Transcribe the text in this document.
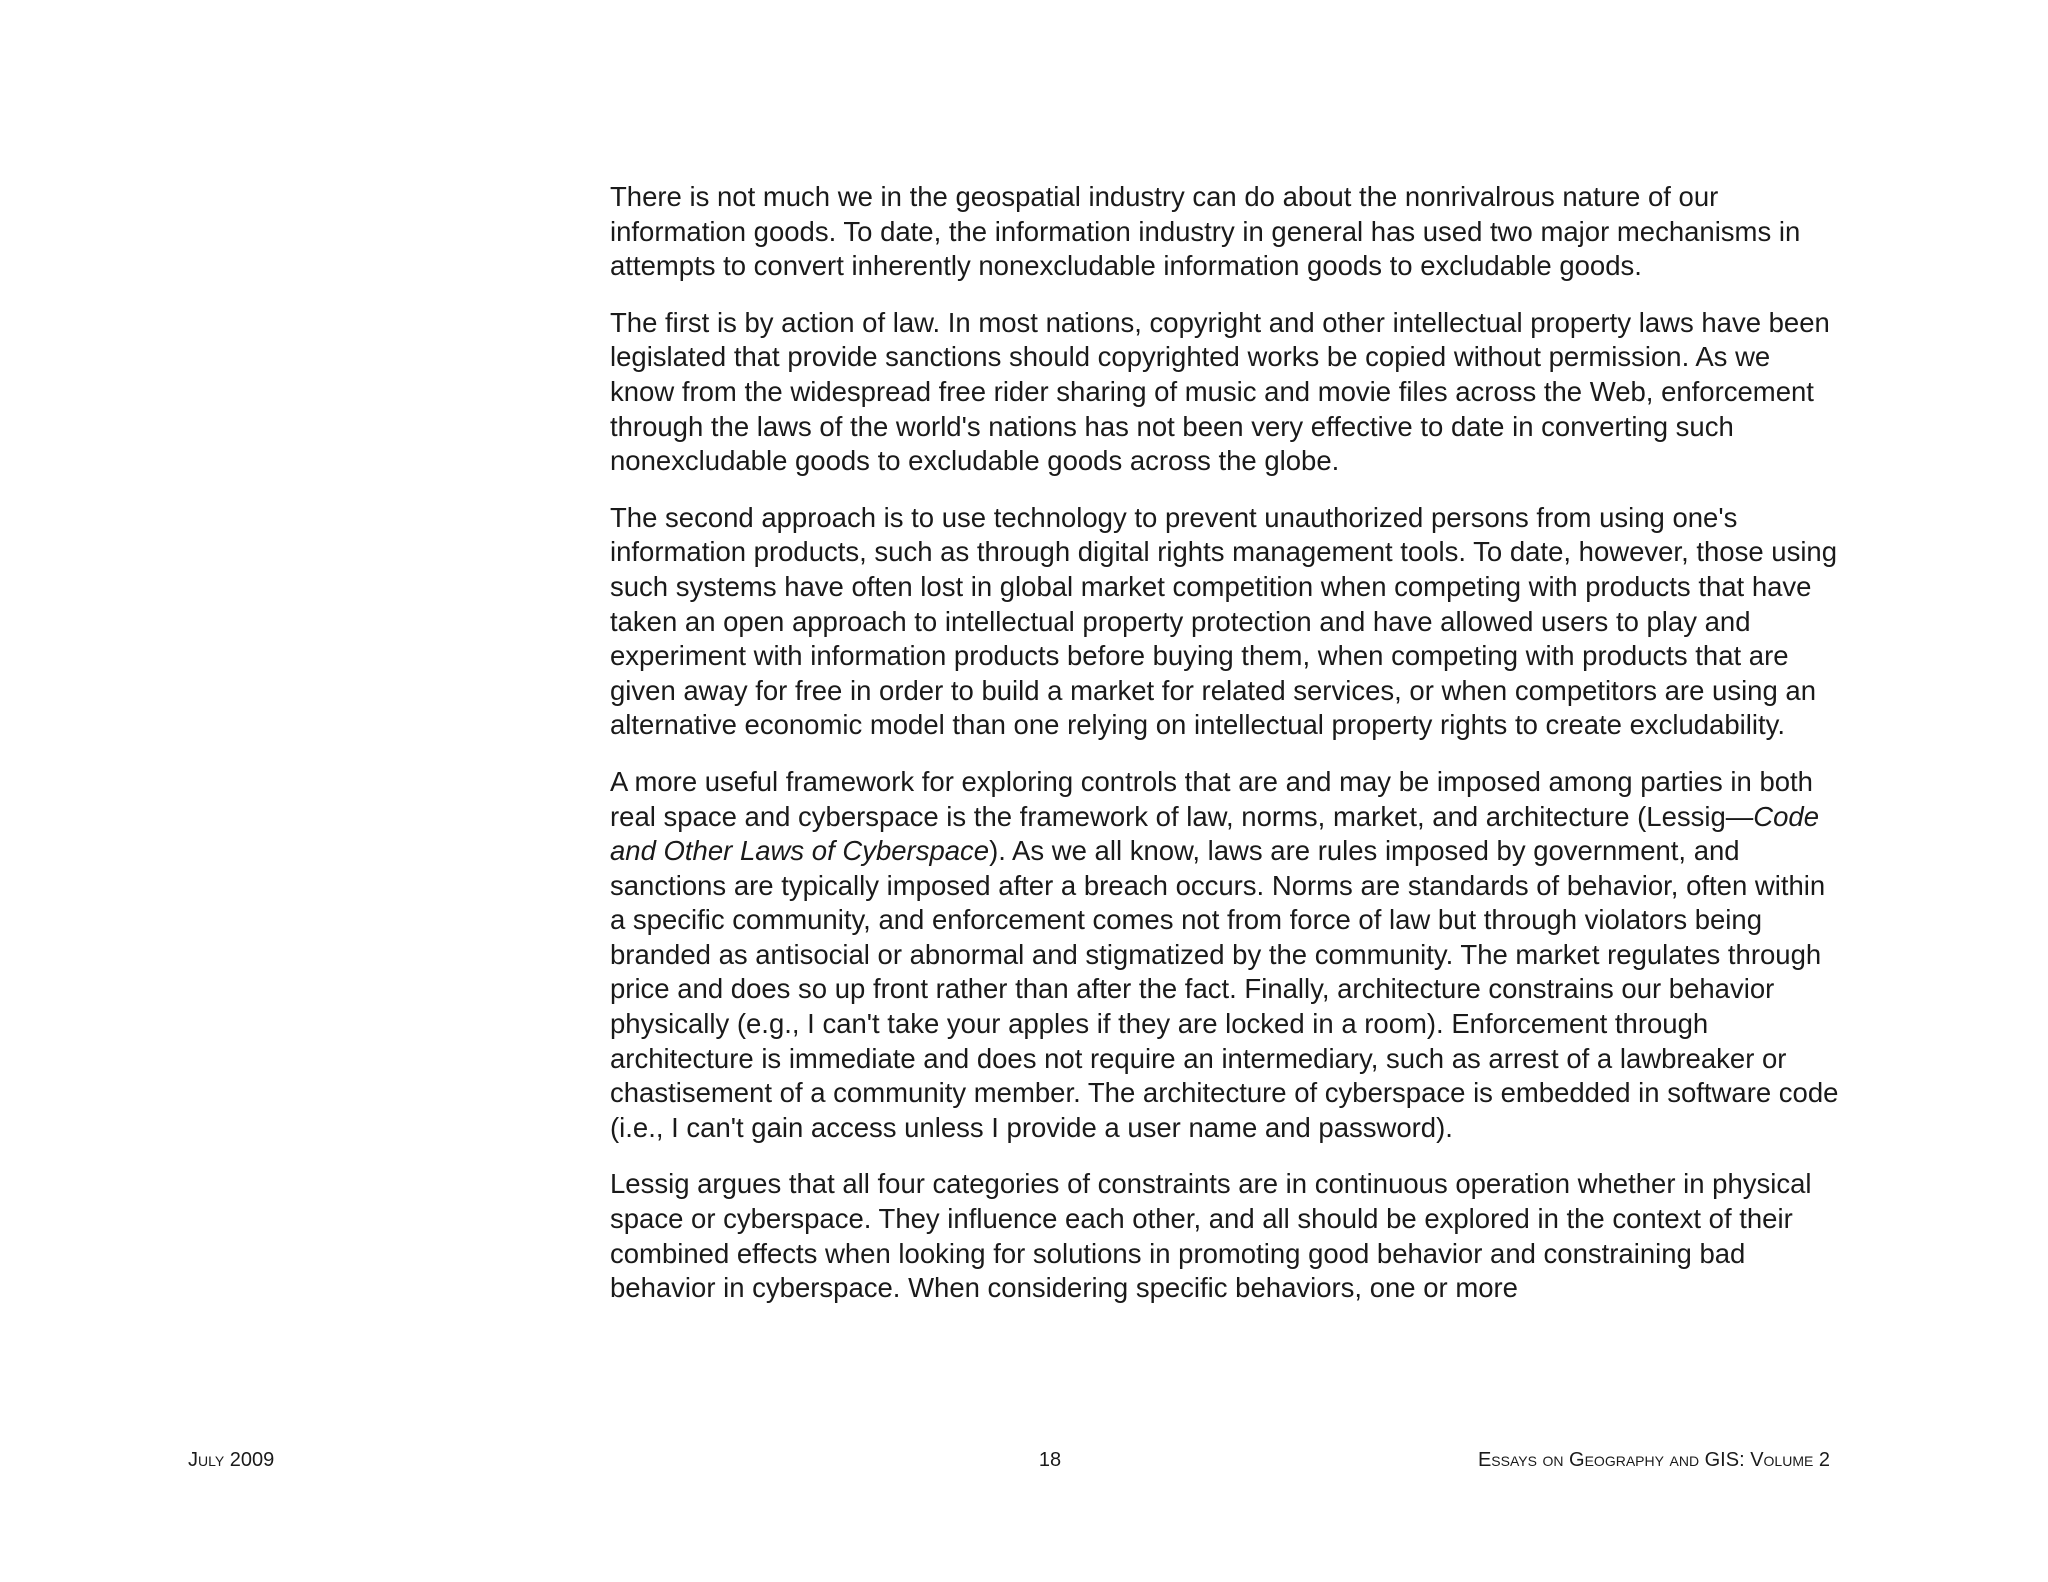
There is not much we in the geospatial industry can do about the nonrivalrous nature of our information goods. To date, the information industry in general has used two major mechanisms in attempts to convert inherently nonexcludable information goods to excludable goods.

The first is by action of law. In most nations, copyright and other intellectual property laws have been legislated that provide sanctions should copyrighted works be copied without permission. As we know from the widespread free rider sharing of music and movie files across the Web, enforcement through the laws of the world's nations has not been very effective to date in converting such nonexcludable goods to excludable goods across the globe.

The second approach is to use technology to prevent unauthorized persons from using one's information products, such as through digital rights management tools. To date, however, those using such systems have often lost in global market competition when competing with products that have taken an open approach to intellectual property protection and have allowed users to play and experiment with information products before buying them, when competing with products that are given away for free in order to build a market for related services, or when competitors are using an alternative economic model than one relying on intellectual property rights to create excludability.

A more useful framework for exploring controls that are and may be imposed among parties in both real space and cyberspace is the framework of law, norms, market, and architecture (Lessig—Code and Other Laws of Cyberspace). As we all know, laws are rules imposed by government, and sanctions are typically imposed after a breach occurs. Norms are standards of behavior, often within a specific community, and enforcement comes not from force of law but through violators being branded as antisocial or abnormal and stigmatized by the community. The market regulates through price and does so up front rather than after the fact. Finally, architecture constrains our behavior physically (e.g., I can't take your apples if they are locked in a room). Enforcement through architecture is immediate and does not require an intermediary, such as arrest of a lawbreaker or chastisement of a community member. The architecture of cyberspace is embedded in software code (i.e., I can't gain access unless I provide a user name and password).

Lessig argues that all four categories of constraints are in continuous operation whether in physical space or cyberspace. They influence each other, and all should be explored in the context of their combined effects when looking for solutions in promoting good behavior and constraining bad behavior in cyberspace. When considering specific behaviors, one or more

July 2009	18	Essays on Geography and GIS: Volume 2
